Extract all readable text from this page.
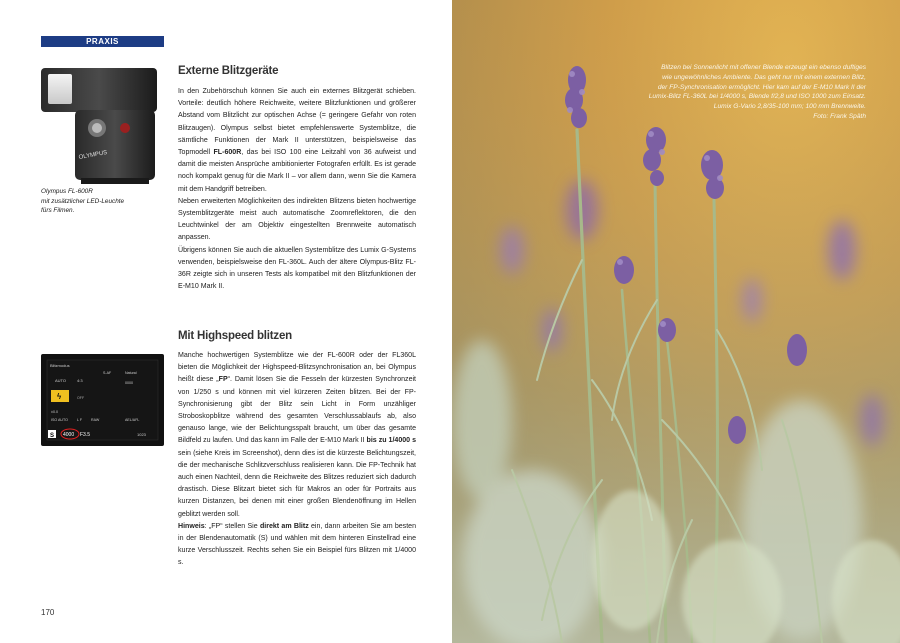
PRAXIS
OLYMPUS
Olympus FL-600R
mit zusätzlicher LED-Leuchte
fürs Filmen.
Externe Blitzgeräte

In den Zubehörschuh können Sie auch ein externes Blitzgerät schieben. Vorteile: deutlich höhere Reichweite, weitere Blitzfunktionen und größerer Abstand vom Blitzlicht zur optischen Achse (= geringere Gefahr von roten Blitzaugen). Olympus selbst bietet empfehlenswerte Systemblitze, die sämtliche Funktionen der Mark II unterstützen, beispielsweise das Topmodell FL-600R, das bei ISO 100 eine Leitzahl von 36 aufweist und damit die meisten Ansprüche ambitionierter Fotografen erfüllt. Es ist gerade noch kompakt genug für die Mark II – vor allem dann, wenn Sie die Kamera mit dem Handgriff betreiben.

Neben erweiterten Möglichkeiten des indirekten Blitzens bieten hochwertige Systemblitzgeräte meist auch automatische Zoomreflektoren, die den Leuchtwinkel der am Objektiv eingestellten Brennweite automatisch anpassen.

Übrigens können Sie auch die aktuellen Systemblitze des Lumix G-Systems verwenden, beispielsweise den FL-360L. Auch der ältere Olympus-Blitz FL-36R zeigte sich in unseren Tests als kompatibel mit den Blitzfunktionen der E-M10 Mark II.

Mit Highspeed blitzen

Manche hochwertigen Systemblitze wie der FL-600R oder der FL360L bieten die Möglichkeit der Highspeed-Blitzsynchronisation an, bei Olympus heißt diese „FP“. Damit lösen Sie die Fesseln der kürzesten Synchronzeit von 1/250 s und können mit viel kürzeren Zeiten blitzen. Bei der FP-Synchronisierung gibt der Blitz sein Licht in Form unzähliger Stroboskopblitze während des gesamten Verschlussablaufs ab, also genauso lange, wie der Belichtungsspalt braucht, um über das gesamte Bildfeld zu laufen. Und das kann im Falle der E-M10 Mark II bis zu 1/4000 s sein (siehe Kreis im Screenshot), denn dies ist die kürzeste Belichtungszeit, die der mechanische Schlitzverschluss realisieren kann. Die FP-Technik hat auch einen Nachteil, denn die Reichweite des Blitzes reduziert sich dadurch drastisch. Diese Blitzart bietet sich für Makros an oder für Portraits aus kurzen Distanzen, bei denen mit einer großen Blendenöffnung im Hellen geblitzt werden soll.

Hinweis: „FP“ stellen Sie direkt am Blitz ein, dann arbeiten Sie am besten in der Blendenautomatik (S) und wählen mit dem hinteren Einstellrad eine kurze Verschlusszeit. Rechts sehen Sie ein Beispiel fürs Blitzen mit 1/4000 s.

Blitzmodus
AUTO	4:3
Natural
S-AF
ϟ	OFF
0000
±0.0
ISO AUTO	L F RAW	AEL/AFL
S 4000 F3.5	1023
170

Blitzen bei Sonnenlicht mit offener Blende erzeugt ein ebenso duftiges

wie ungewöhnliches Ambiente. Das geht nur mit einem externen Blitz,

der FP-Synchronisation ermöglicht. Hier kam auf der E-M10 Mark II der

Lumix-Blitz FL-360L bei 1/4000 s, Blende f/2,8 und ISO 1000 zum Einsatz.

Lumix G-Vario 2,8/35-100 mm; 100 mm Brennweite.

Foto: Frank Späth
